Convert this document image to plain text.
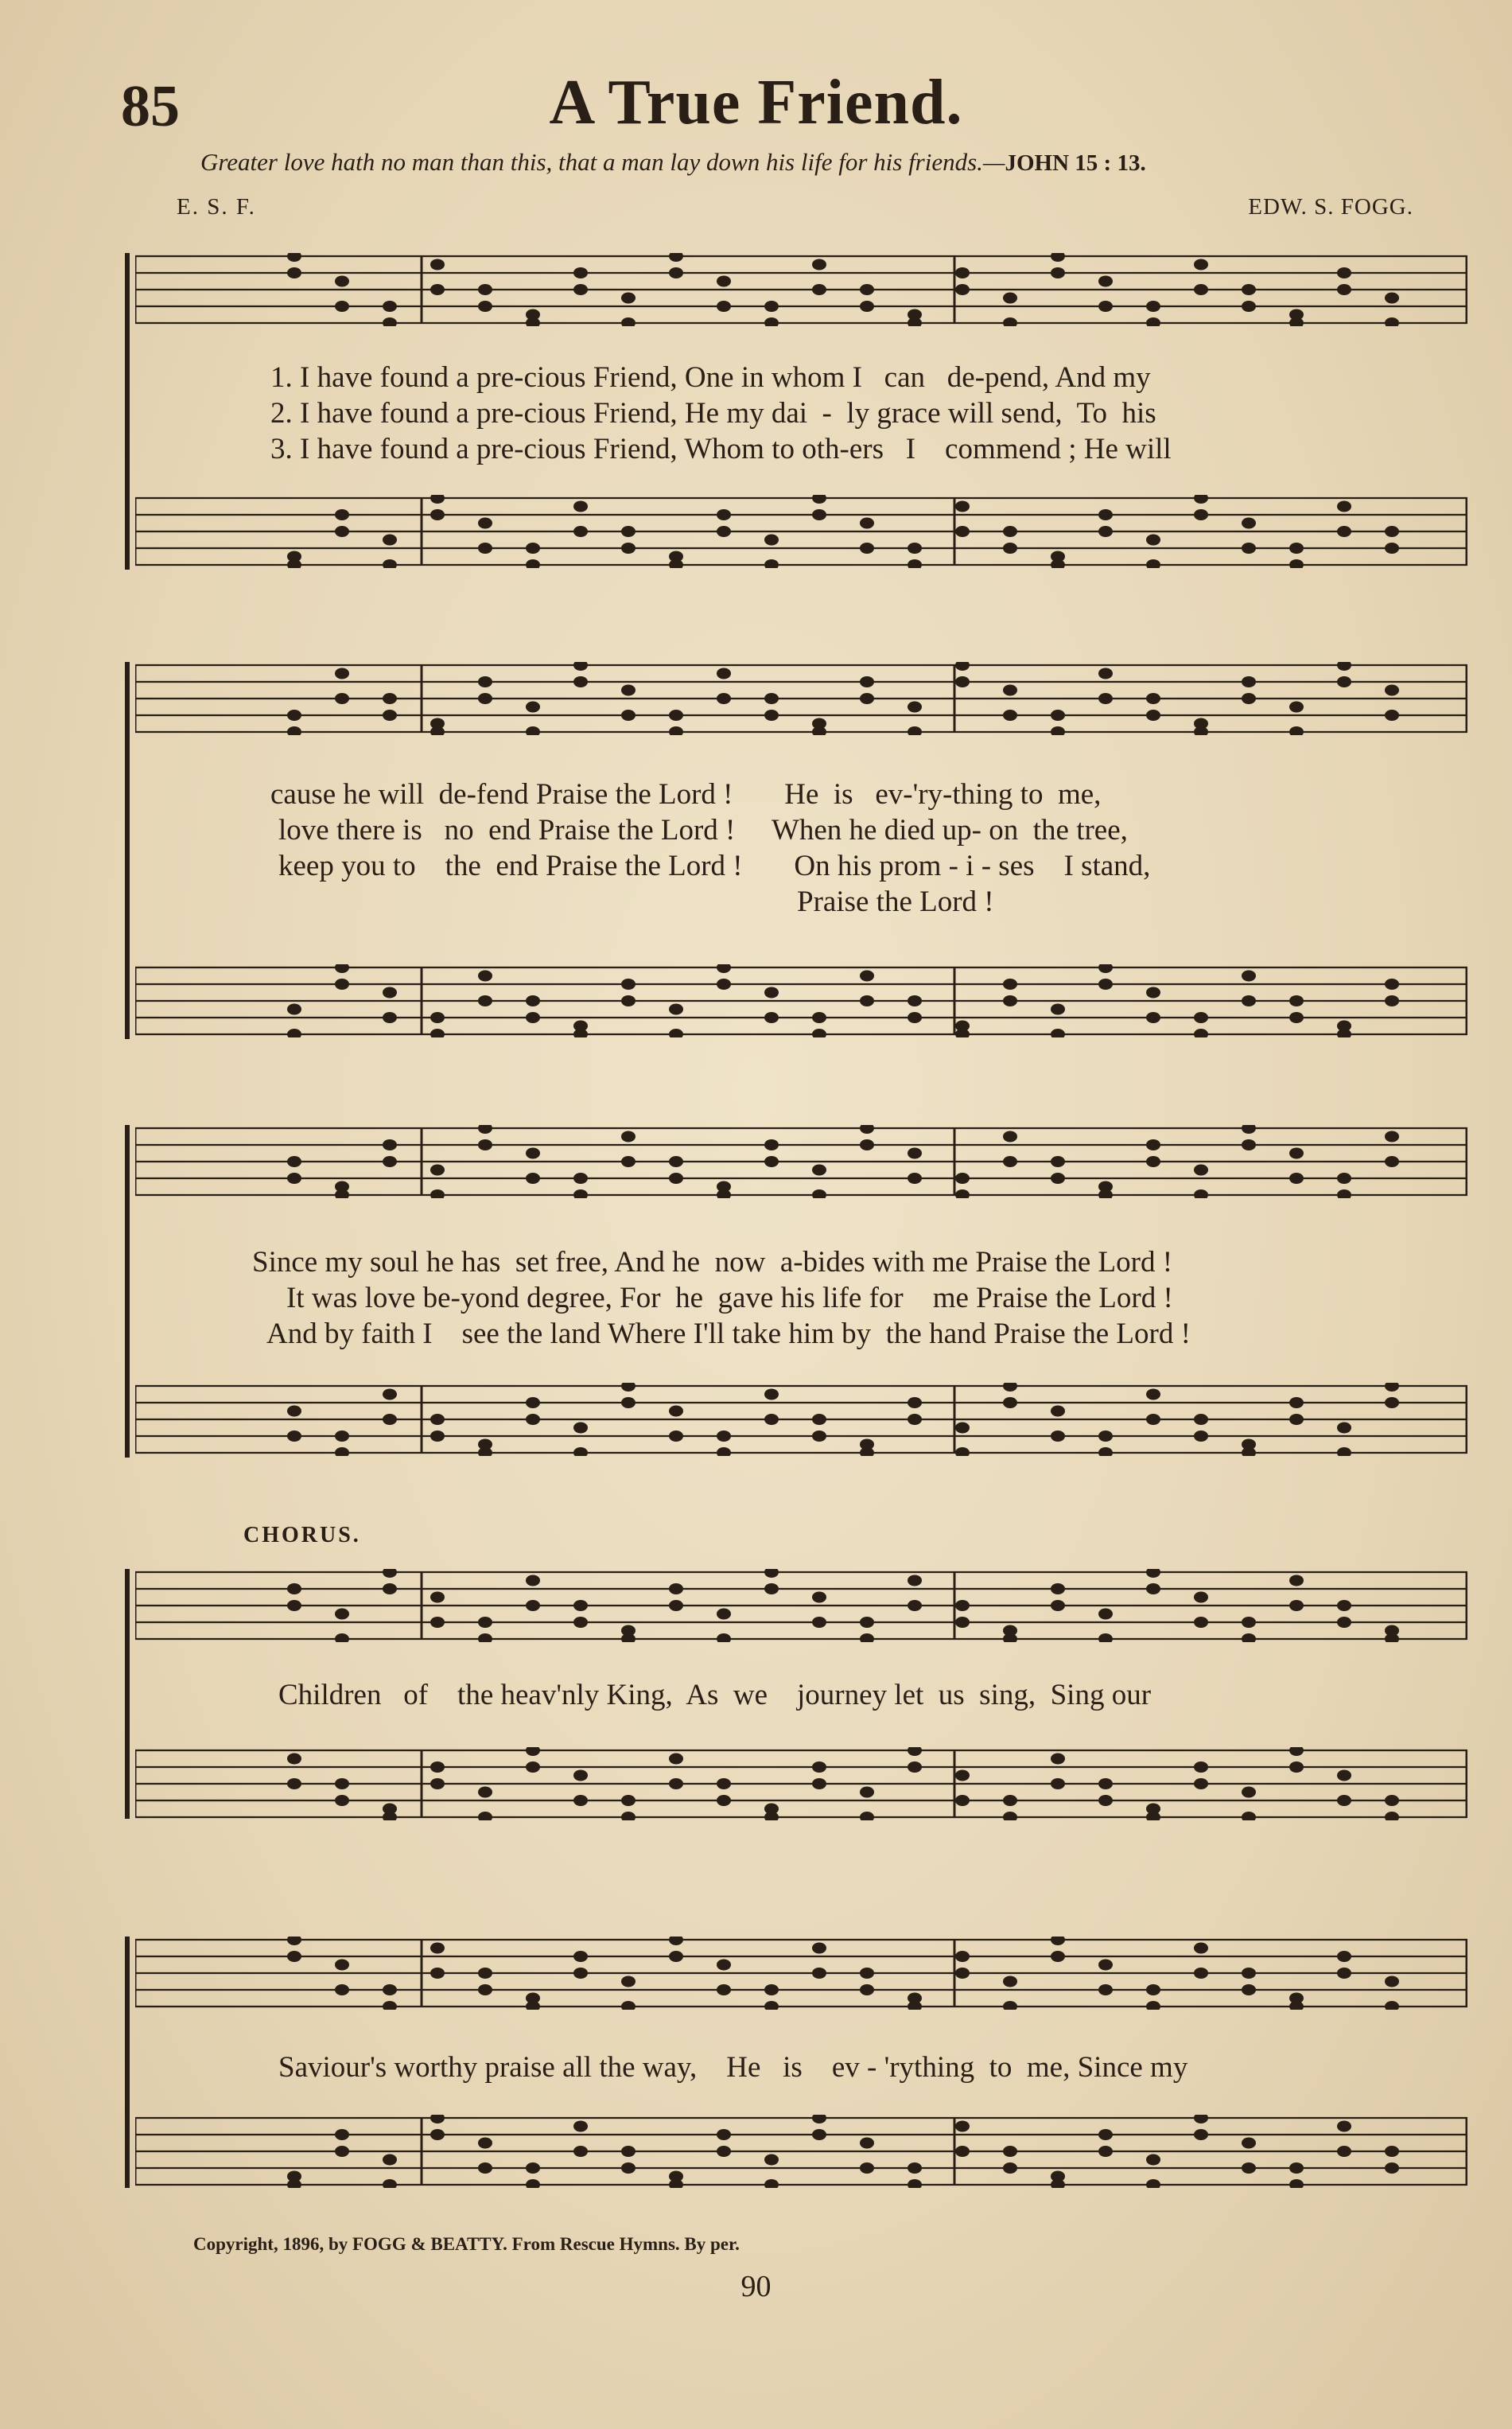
85	A True Friend.
Greater love hath no man than this, that a man lay down his life for his friends.—JOHN 15 : 13.
E. S. F.	EDW. S. FOGG.
1. I have found a pre-cious Friend, One in whom I   can   de-pend, And my
2. I have found a pre-cious Friend, He my dai  -  ly grace will send,  To  his
3. I have found a pre-cious Friend, Whom to oth-ers   I    commend ; He will
cause he will  de-fend Praise the Lord !       He  is   ev-'ry-thing to  me,
love there is   no  end Praise the Lord !     When he died up- on  the tree,
keep you to    the  end Praise the Lord !       On his prom - i - ses    I stand,
Praise the Lord !
Since my soul he has  set free, And he  now  a-bides with me Praise the Lord !
It was love be-yond degree, For  he  gave his life for    me Praise the Lord !
And by faith I    see the land Where I'll take him by  the hand Praise the Lord !
CHORUS.
Children   of    the heav'nly King,  As  we    journey let  us  sing,  Sing our
Saviour's worthy praise all the way,    He   is    ev - 'rything  to  me, Since my
Copyright, 1896, by FOGG & BEATTY. From Rescue Hymns. By per.
90
